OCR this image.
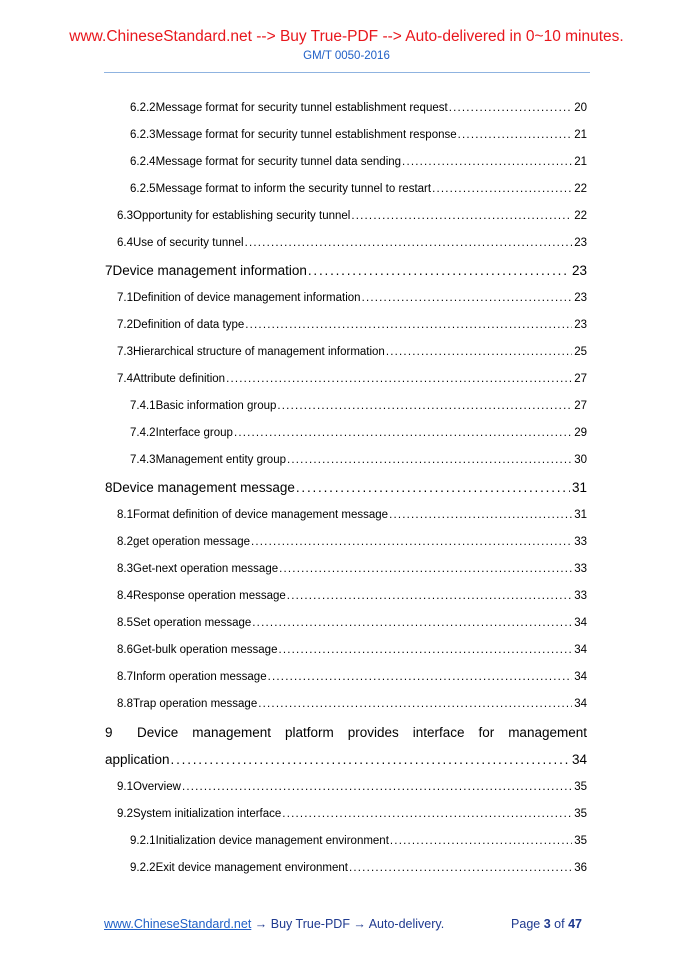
www.ChineseStandard.net --> Buy True-PDF --> Auto-delivered in 0~10 minutes.
GM/T 0050-2016
6.2.2 Message format for security tunnel establishment request .....	20
6.2.3 Message format for security tunnel establishment response .....	21
6.2.4 Message format for security tunnel data sending .....	21
6.2.5 Message format to inform the security tunnel to restart .....	22
6.3 Opportunity for establishing security tunnel .....	22
6.4 Use of security tunnel .....	23
7 Device management information .....	23
7.1 Definition of device management information .....	23
7.2 Definition of data type .....	23
7.3 Hierarchical structure of management information .....	25
7.4 Attribute definition .....	27
7.4.1 Basic information group .....	27
7.4.2 Interface group .....	29
7.4.3 Management entity group .....	30
8 Device management message .....	31
8.1 Format definition of device management message .....	31
8.2 get operation message .....	33
8.3 Get-next operation message .....	33
8.4 Response operation message .....	33
8.5 Set operation message .....	34
8.6 Get-bulk operation message .....	34
8.7 Inform operation message .....	34
8.8 Trap operation message .....	34
9	Device management platform provides interface for management
application .....	34
9.1 Overview .....	35
9.2 System initialization interface .....	35
9.2.1 Initialization device management environment .....	35
9.2.2 Exit device management environment .....	36
www.ChineseStandard.net → Buy True-PDF → Auto-delivery.	Page 3 of 47
